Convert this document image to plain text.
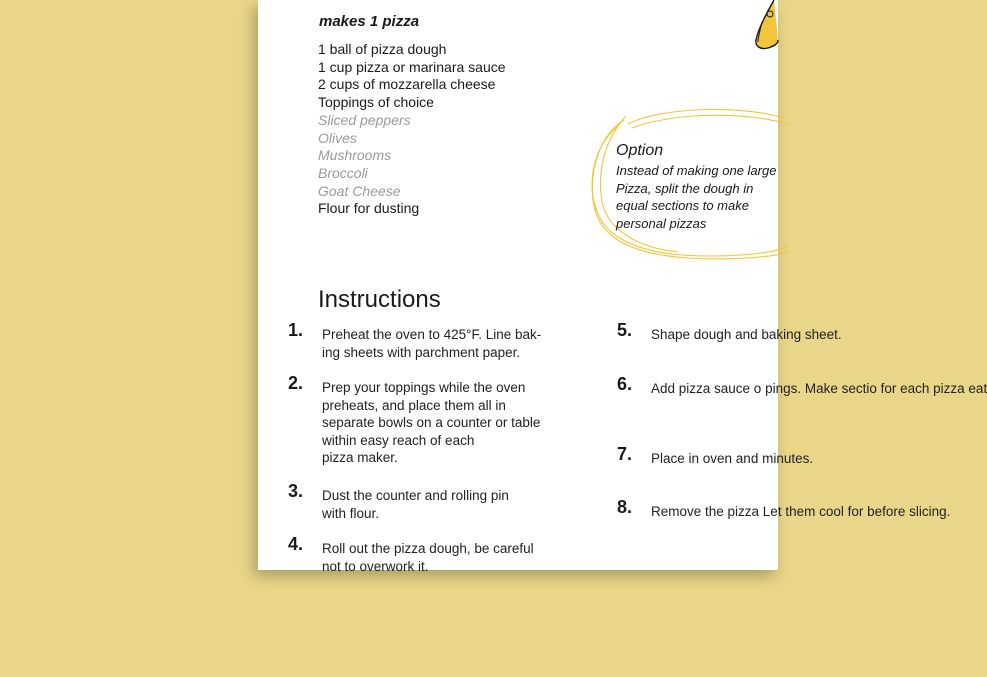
makes 1 pizza

1 ball of pizza dough
1 cup pizza or marinara sauce
2 cups of mozzarella cheese
Toppings of choice
Sliced peppers
Olives
Mushrooms
Broccoli
Goat Cheese
Flour for dusting

Option

Instead of making one large Pizza, split the dough in equal sections to make personal pizzas

Instructions
1. Preheat the oven to 425°F. Line bak-
ing sheets with parchment paper.
2. Prep your toppings while the oven
preheats, and place them all in
separate bowls on a counter or table
within easy reach of each
pizza maker.
3. Dust the counter and rolling pin
with flour.
4. Roll out the pizza dough, be careful
not to overwork it.
5. Shape dough and baking sheet.
6. Add pizza sauce o pings. Make sectio for each pizza eat
7. Place in oven and minutes.
8. Remove the pizza Let them cool for before slicing.
